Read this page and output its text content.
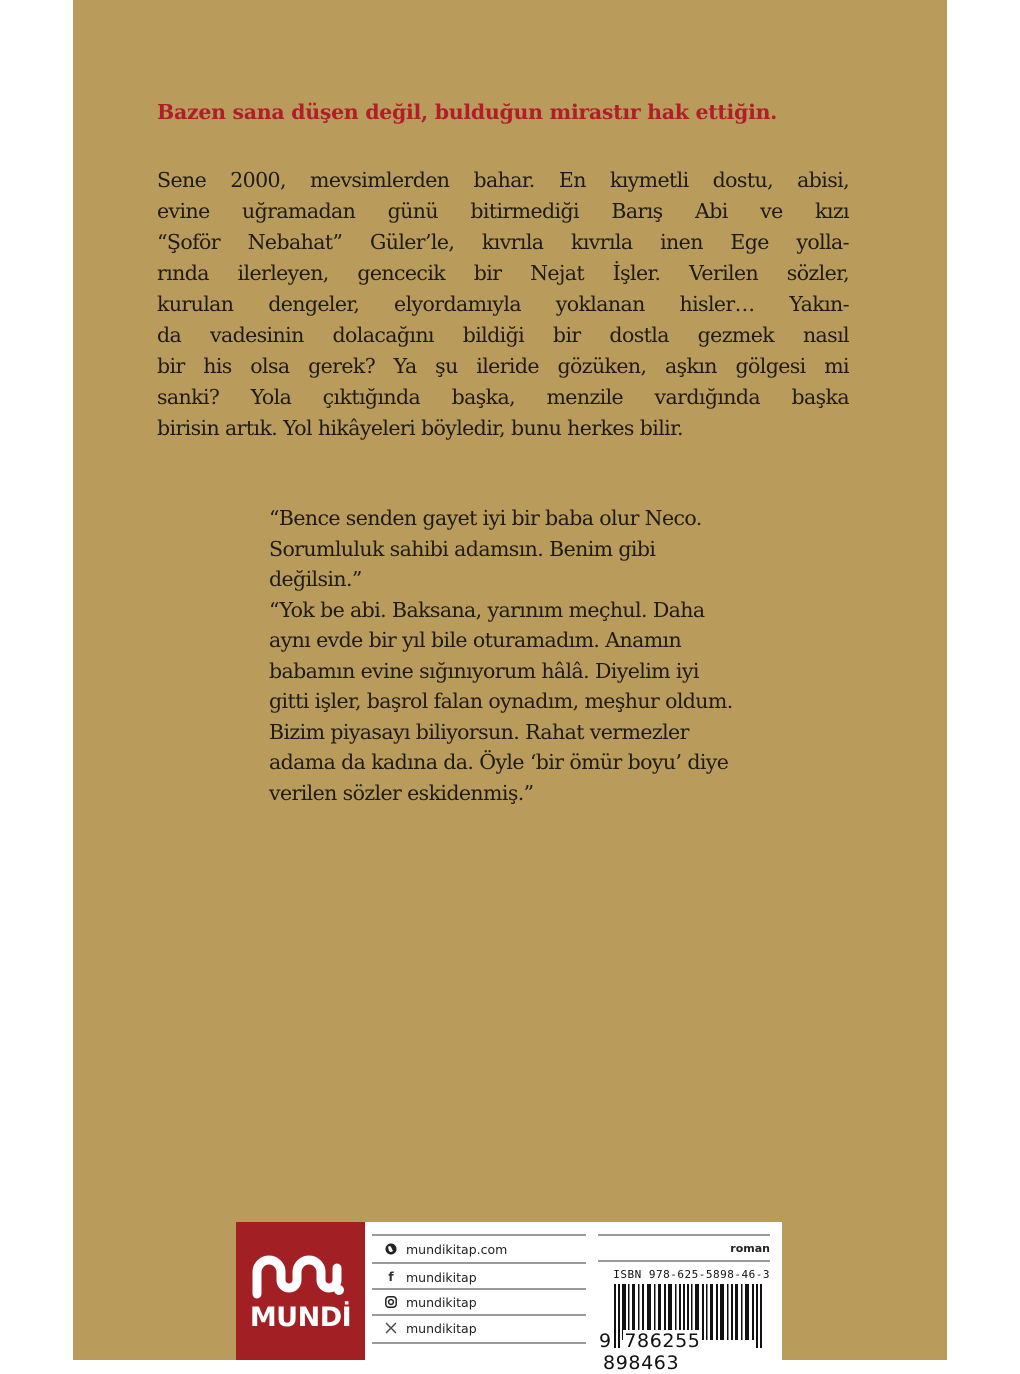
Bazen sana düşen değil, bulduğun mirastır hak ettiğin.
Sene 2000, mevsimlerden bahar. En kıymetli dostu, abisi,
evine uğramadan günü bitirmediği Barış Abi ve kızı
“Şoför Nebahat” Güler’le, kıvrıla kıvrıla inen Ege yolla-
rında ilerleyen, gencecik bir Nejat İşler. Verilen sözler,
kurulan dengeler, elyordamıyla yoklanan hisler… Yakın-
da vadesinin dolacağını bildiği bir dostla gezmek nasıl
bir his olsa gerek? Ya şu ileride gözüken, aşkın gölgesi mi
sanki? Yola çıktığında başka, menzile vardığında başka
birisin artık. Yol hikâyeleri böyledir, bunu herkes bilir.
“Bence senden gayet iyi bir baba olur Neco.
Sorumluluk sahibi adamsın. Benim gibi
değilsin.”
“Yok be abi. Baksana, yarınım meçhul. Daha
aynı evde bir yıl bile oturamadım. Anamın
babamın evine sığınıyorum hâlâ. Diyelim iyi
gitti işler, başrol falan oynadım, meşhur oldum.
Bizim piyasayı biliyorsun. Rahat vermezler
adama da kadına da. Öyle ‘bir ömür boyu’ diye
verilen sözler eskidenmiş.”
MUNDİ
mundikitap.com
f mundikitap
mundikitap
mundikitap
roman
ISBN 978-625-5898-46-3
9 786255 898463
